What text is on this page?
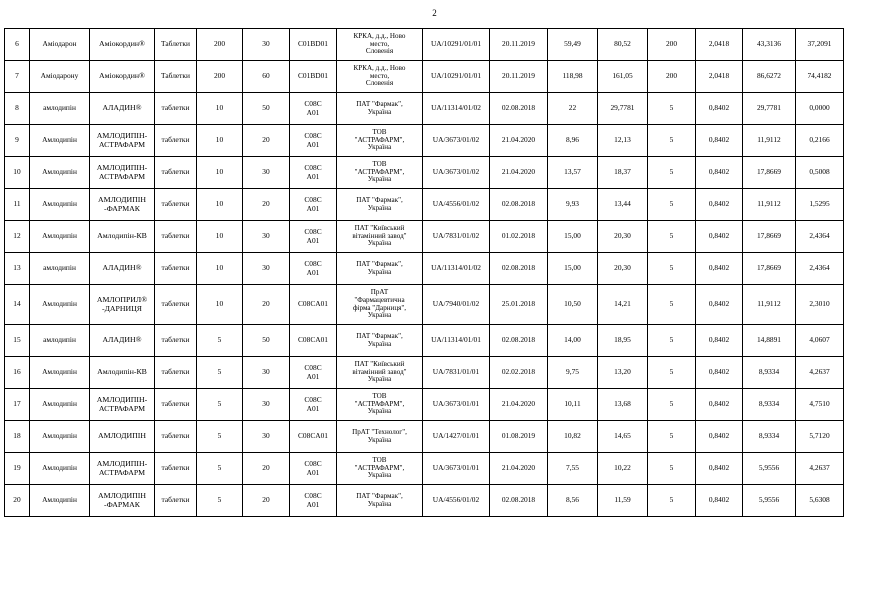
2
6	Аміодарон	Аміокордин®	Таблетки	200	30	C01BD01	КРКА, д.д., Ново
место,
Словенія	UA/10291/01/01	20.11.2019	59,49	80,52	200	2,0418	43,3136	37,2091
7	Аміодарону	Аміокордин®	Таблетки	200	60	C01BD01	КРКА, д.д., Ново
место,
Словенія	UA/10291/01/01	20.11.2019	118,98	161,05	200	2,0418	86,6272	74,4182
8	амлодипін	АЛАДИН®	таблетки	10	50	C08C
A01	ПАТ "Фармак",
Україна	UA/11314/01/02	02.08.2018	22	29,7781	5	0,8402	29,7781	0,0000
9	Амлодипін	АМЛОДИПІН-
АСТРАФАРМ	таблетки	10	20	C08C
A01	ТОВ
"АСТРАФАРМ",
Україна	UA/3673/01/02	21.04.2020	8,96	12,13	5	0,8402	11,9112	0,2166
10	Амлодипін	АМЛОДИПІН-
АСТРАФАРМ	таблетки	10	30	C08C
A01	ТОВ
"АСТРАФАРМ",
Україна	UA/3673/01/02	21.04.2020	13,57	18,37	5	0,8402	17,8669	0,5008
11	Амлодипін	АМЛОДИПІН
-ФАРМАК	таблетки	10	20	C08C
A01	ПАТ "Фармак",
Україна	UA/4556/01/02	02.08.2018	9,93	13,44	5	0,8402	11,9112	1,5295
12	Амлодипін	Амлодипін-КВ	таблетки	10	30	C08C
A01	ПАТ "Київський
вітамінний завод"
Україна	UA/7831/01/02	01.02.2018	15,00	20,30	5	0,8402	17,8669	2,4364
13	амлодипін	АЛАДИН®	таблетки	10	30	C08C
A01	ПАТ "Фармак",
Україна	UA/11314/01/02	02.08.2018	15,00	20,30	5	0,8402	17,8669	2,4364
14	Амлодипін	АМЛОПРИЛ®
-ДАРНИЦЯ	таблетки	10	20	C08CA01	ПрАТ
"Фармацевтична
фірма "Дарниця",
Україна	UA/7940/01/02	25.01.2018	10,50	14,21	5	0,8402	11,9112	2,3010
15	амлодипін	АЛАДИН®	таблетки	5	50	C08CA01	ПАТ "Фармак",
Україна	UA/11314/01/01	02.08.2018	14,00	18,95	5	0,8402	14,8891	4,0607
16	Амлодипін	Амлодипін-КВ	таблетки	5	30	C08C
A01	ПАТ "Київський
вітамінний завод"
Україна	UA/7831/01/01	02.02.2018	9,75	13,20	5	0,8402	8,9334	4,2637
17	Амлодипін	АМЛОДИПІН-
АСТРАФАРМ	таблетки	5	30	C08C
A01	ТОВ
"АСТРАФАРМ",
Україна	UA/3673/01/01	21.04.2020	10,11	13,68	5	0,8402	8,9334	4,7510
18	Амлодипін	АМЛОДИПІН	таблетки	5	30	C08CA01	ПрАТ "Технолог",
Україна	UA/1427/01/01	01.08.2019	10,82	14,65	5	0,8402	8,9334	5,7120
19	Амлодипін	АМЛОДИПІН-
АСТРАФАРМ	таблетки	5	20	C08C
A01	ТОВ
"АСТРАФАРМ",
Україна	UA/3673/01/01	21.04.2020	7,55	10,22	5	0,8402	5,9556	4,2637
20	Амлодипін	АМЛОДИПІН
-ФАРМАК	таблетки	5	20	C08C
A01	ПАТ "Фармак",
Україна	UA/4556/01/02	02.08.2018	8,56	11,59	5	0,8402	5,9556	5,6308
